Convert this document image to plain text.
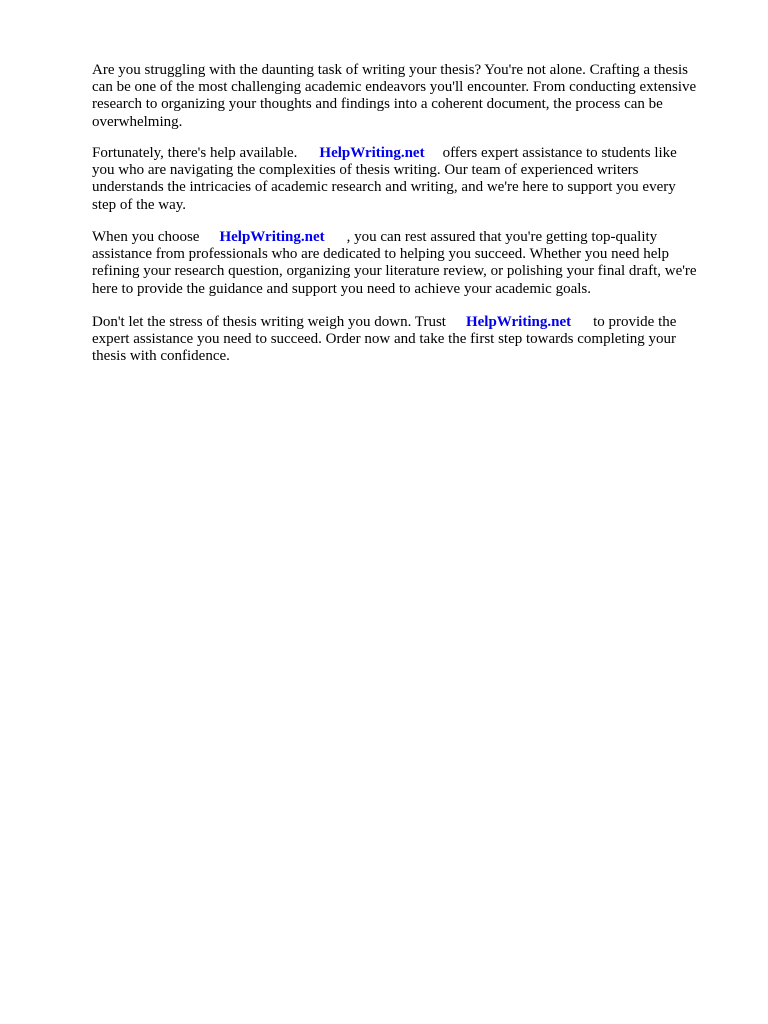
Are you struggling with the daunting task of writing your thesis? You're not alone. Crafting a thesis
can be one of the most challenging academic endeavors you'll encounter. From conducting extensive
research to organizing your thoughts and findings into a coherent document, the process can be
overwhelming.

Fortunately, there's help available. HelpWriting.net offers expert assistance to students like
you who are navigating the complexities of thesis writing. Our team of experienced writers
understands the intricacies of academic research and writing, and we're here to support you every
step of the way.

When you choose HelpWriting.net , you can rest assured that you're getting top-quality
assistance from professionals who are dedicated to helping you succeed. Whether you need help
refining your research question, organizing your literature review, or polishing your final draft, we're
here to provide the guidance and support you need to achieve your academic goals.

Don't let the stress of thesis writing weigh you down. Trust HelpWriting.net to provide the
expert assistance you need to succeed. Order now and take the first step towards completing your
thesis with confidence.
